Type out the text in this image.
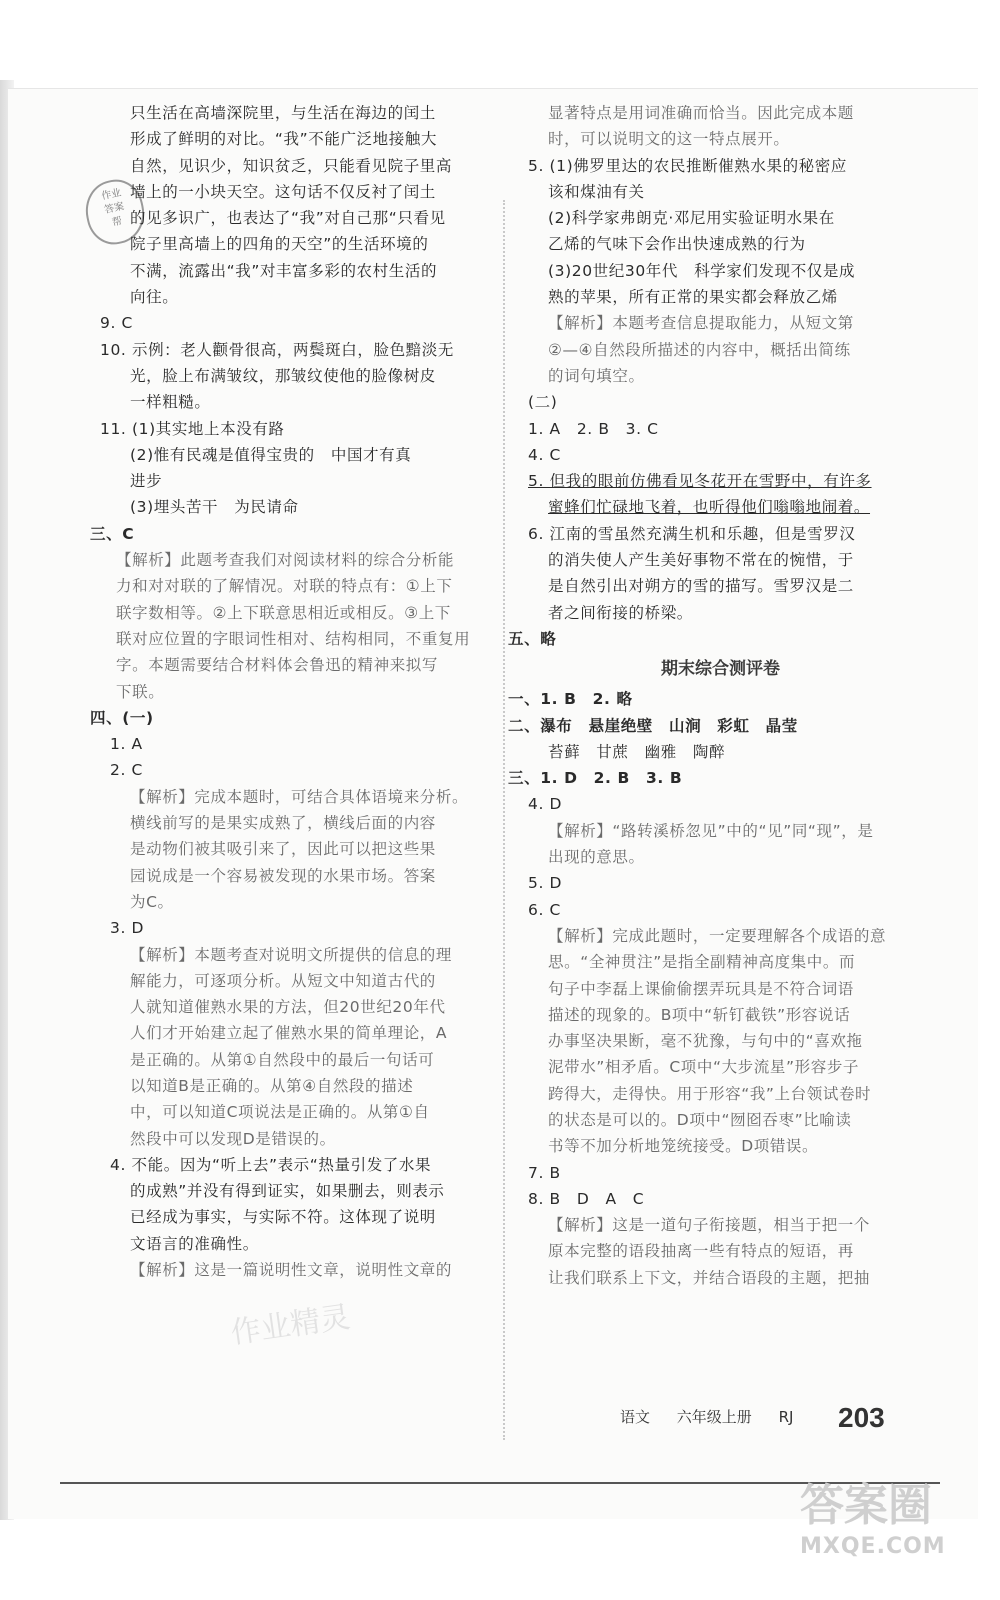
作业
答案
帮
只生活在高墙深院里，与生活在海边的闰土
形成了鲜明的对比。“我”不能广泛地接触大
自然，见识少，知识贫乏，只能看见院子里高
墙上的一小块天空。这句话不仅反衬了闰土
的见多识广，也表达了“我”对自己那“只看见
院子里高墙上的四角的天空”的生活环境的
不满，流露出“我”对丰富多彩的农村生活的
向往。
9. C
10. 示例：老人颧骨很高，两鬓斑白，脸色黯淡无
光，脸上布满皱纹，那皱纹使他的脸像树皮
一样粗糙。
11. (1)其实地上本没有路
(2)惟有民魂是值得宝贵的　中国才有真
进步
(3)埋头苦干　为民请命
三、C
【解析】此题考查我们对阅读材料的综合分析能
力和对对联的了解情况。对联的特点有：①上下
联字数相等。②上下联意思相近或相反。③上下
联对应位置的字眼词性相对、结构相同，不重复用
字。本题需要结合材料体会鲁迅的精神来拟写
下联。
四、(一)
1. A
2. C
【解析】完成本题时，可结合具体语境来分析。
横线前写的是果实成熟了，横线后面的内容
是动物们被其吸引来了，因此可以把这些果
园说成是一个容易被发现的水果市场。答案
为C。
3. D
【解析】本题考查对说明文所提供的信息的理
解能力，可逐项分析。从短文中知道古代的
人就知道催熟水果的方法，但20世纪20年代
人们才开始建立起了催熟水果的简单理论，A
是正确的。从第①自然段中的最后一句话可
以知道B是正确的。从第④自然段的描述
中，可以知道C项说法是正确的。从第①自
然段中可以发现D是错误的。
4. 不能。因为“听上去”表示“热量引发了水果
的成熟”并没有得到证实，如果删去，则表示
已经成为事实，与实际不符。这体现了说明
文语言的准确性。
【解析】这是一篇说明性文章，说明性文章的
显著特点是用词准确而恰当。因此完成本题
时，可以说明文的这一特点展开。
5. (1)佛罗里达的农民推断催熟水果的秘密应
该和煤油有关
(2)科学家弗朗克·邓尼用实验证明水果在
乙烯的气味下会作出快速成熟的行为
(3)20世纪30年代　科学家们发现不仅是成
熟的苹果，所有正常的果实都会释放乙烯
【解析】本题考查信息提取能力，从短文第
②—④自然段所描述的内容中，概括出简练
的词句填空。
(二)
1. A　2. B　3. C
4. C
5. 但我的眼前仿佛看见冬花开在雪野中，有许多
蜜蜂们忙碌地飞着，也听得他们嗡嗡地闹着。
6. 江南的雪虽然充满生机和乐趣，但是雪罗汉
的消失使人产生美好事物不常在的惋惜，于
是自然引出对朔方的雪的描写。雪罗汉是二
者之间衔接的桥梁。
五、略
期末综合测评卷
一、1. B　2. 略
二、瀑布　悬崖绝壁　山涧　彩虹　晶莹
苔藓　甘蔗　幽雅　陶醉
三、1. D　2. B　3. B
4. D
【解析】“路转溪桥忽见”中的“见”同“现”，是
出现的意思。
5. D
6. C
【解析】完成此题时，一定要理解各个成语的意
思。“全神贯注”是指全副精神高度集中。而
句子中李磊上课偷偷摆弄玩具是不符合词语
描述的现象的。B项中“斩钉截铁”形容说话
办事坚决果断，毫不犹豫，与句中的“喜欢拖
泥带水”相矛盾。C项中“大步流星”形容步子
跨得大，走得快。用于形容“我”上台领试卷时
的状态是可以的。D项中“囫囵吞枣”比喻读
书等不加分析地笼统接受。D项错误。
7. B
8. B　D　A　C
【解析】这是一道句子衔接题，相当于把一个
原本完整的语段抽离一些有特点的短语，再
让我们联系上下文，并结合语段的主题，把抽
作业精灵
语文 六年级上册 RJ	203
答案圈
MXQE.COM
